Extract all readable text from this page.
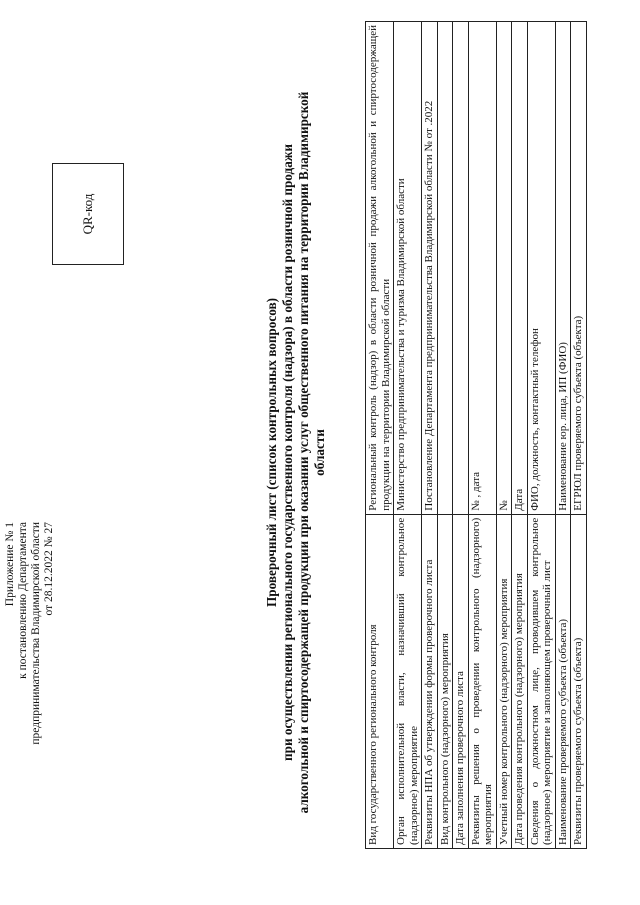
Приложение № 1 к постановлению Департамента предпринимательства Владимирской области от 28.12.2022 № 27
QR-код
Проверочный лист (список контрольных вопросов) при осуществлении регионального государственного контроля (надзора) в области розничной продажи алкогольной и спиртосодержащей продукции при оказании услуг общественного питания на территории Владимирской области
Вид государственного регионального контроля	Региональный контроль (надзор) в области розничной продажи алкогольной и спиртосодержащей продукции на территории Владимирской области
Орган исполнительной власти, назначивший контрольное (надзорное) мероприятие	Министерство предпринимательства и туризма Владимирской области
Реквизиты НПА об утверждении формы проверочного листа	Постановление Департамента предпринимательства Владимирской области № от .2022
Вид контрольного (надзорного) мероприятия	
Дата заполнения проверочного листа	
Реквизиты решения о проведении контрольного (надзорного) мероприятия	№ , дата
Учетный номер контрольного (надзорного) мероприятия	№
Дата проведения контрольного (надзорного) мероприятия	Дата
Сведения о должностном лице, проводившем контрольное (надзорное) мероприятие и заполняющем проверочный лист	ФИО, должность, контактный телефон
Наименование проверяемого субъекта (объекта)	Наименование юр. лица, ИП (ФИО)
Реквизиты проверяемого субъекта (объекта)	ЕГРЮЛ проверяемого субъекта (объекта)
